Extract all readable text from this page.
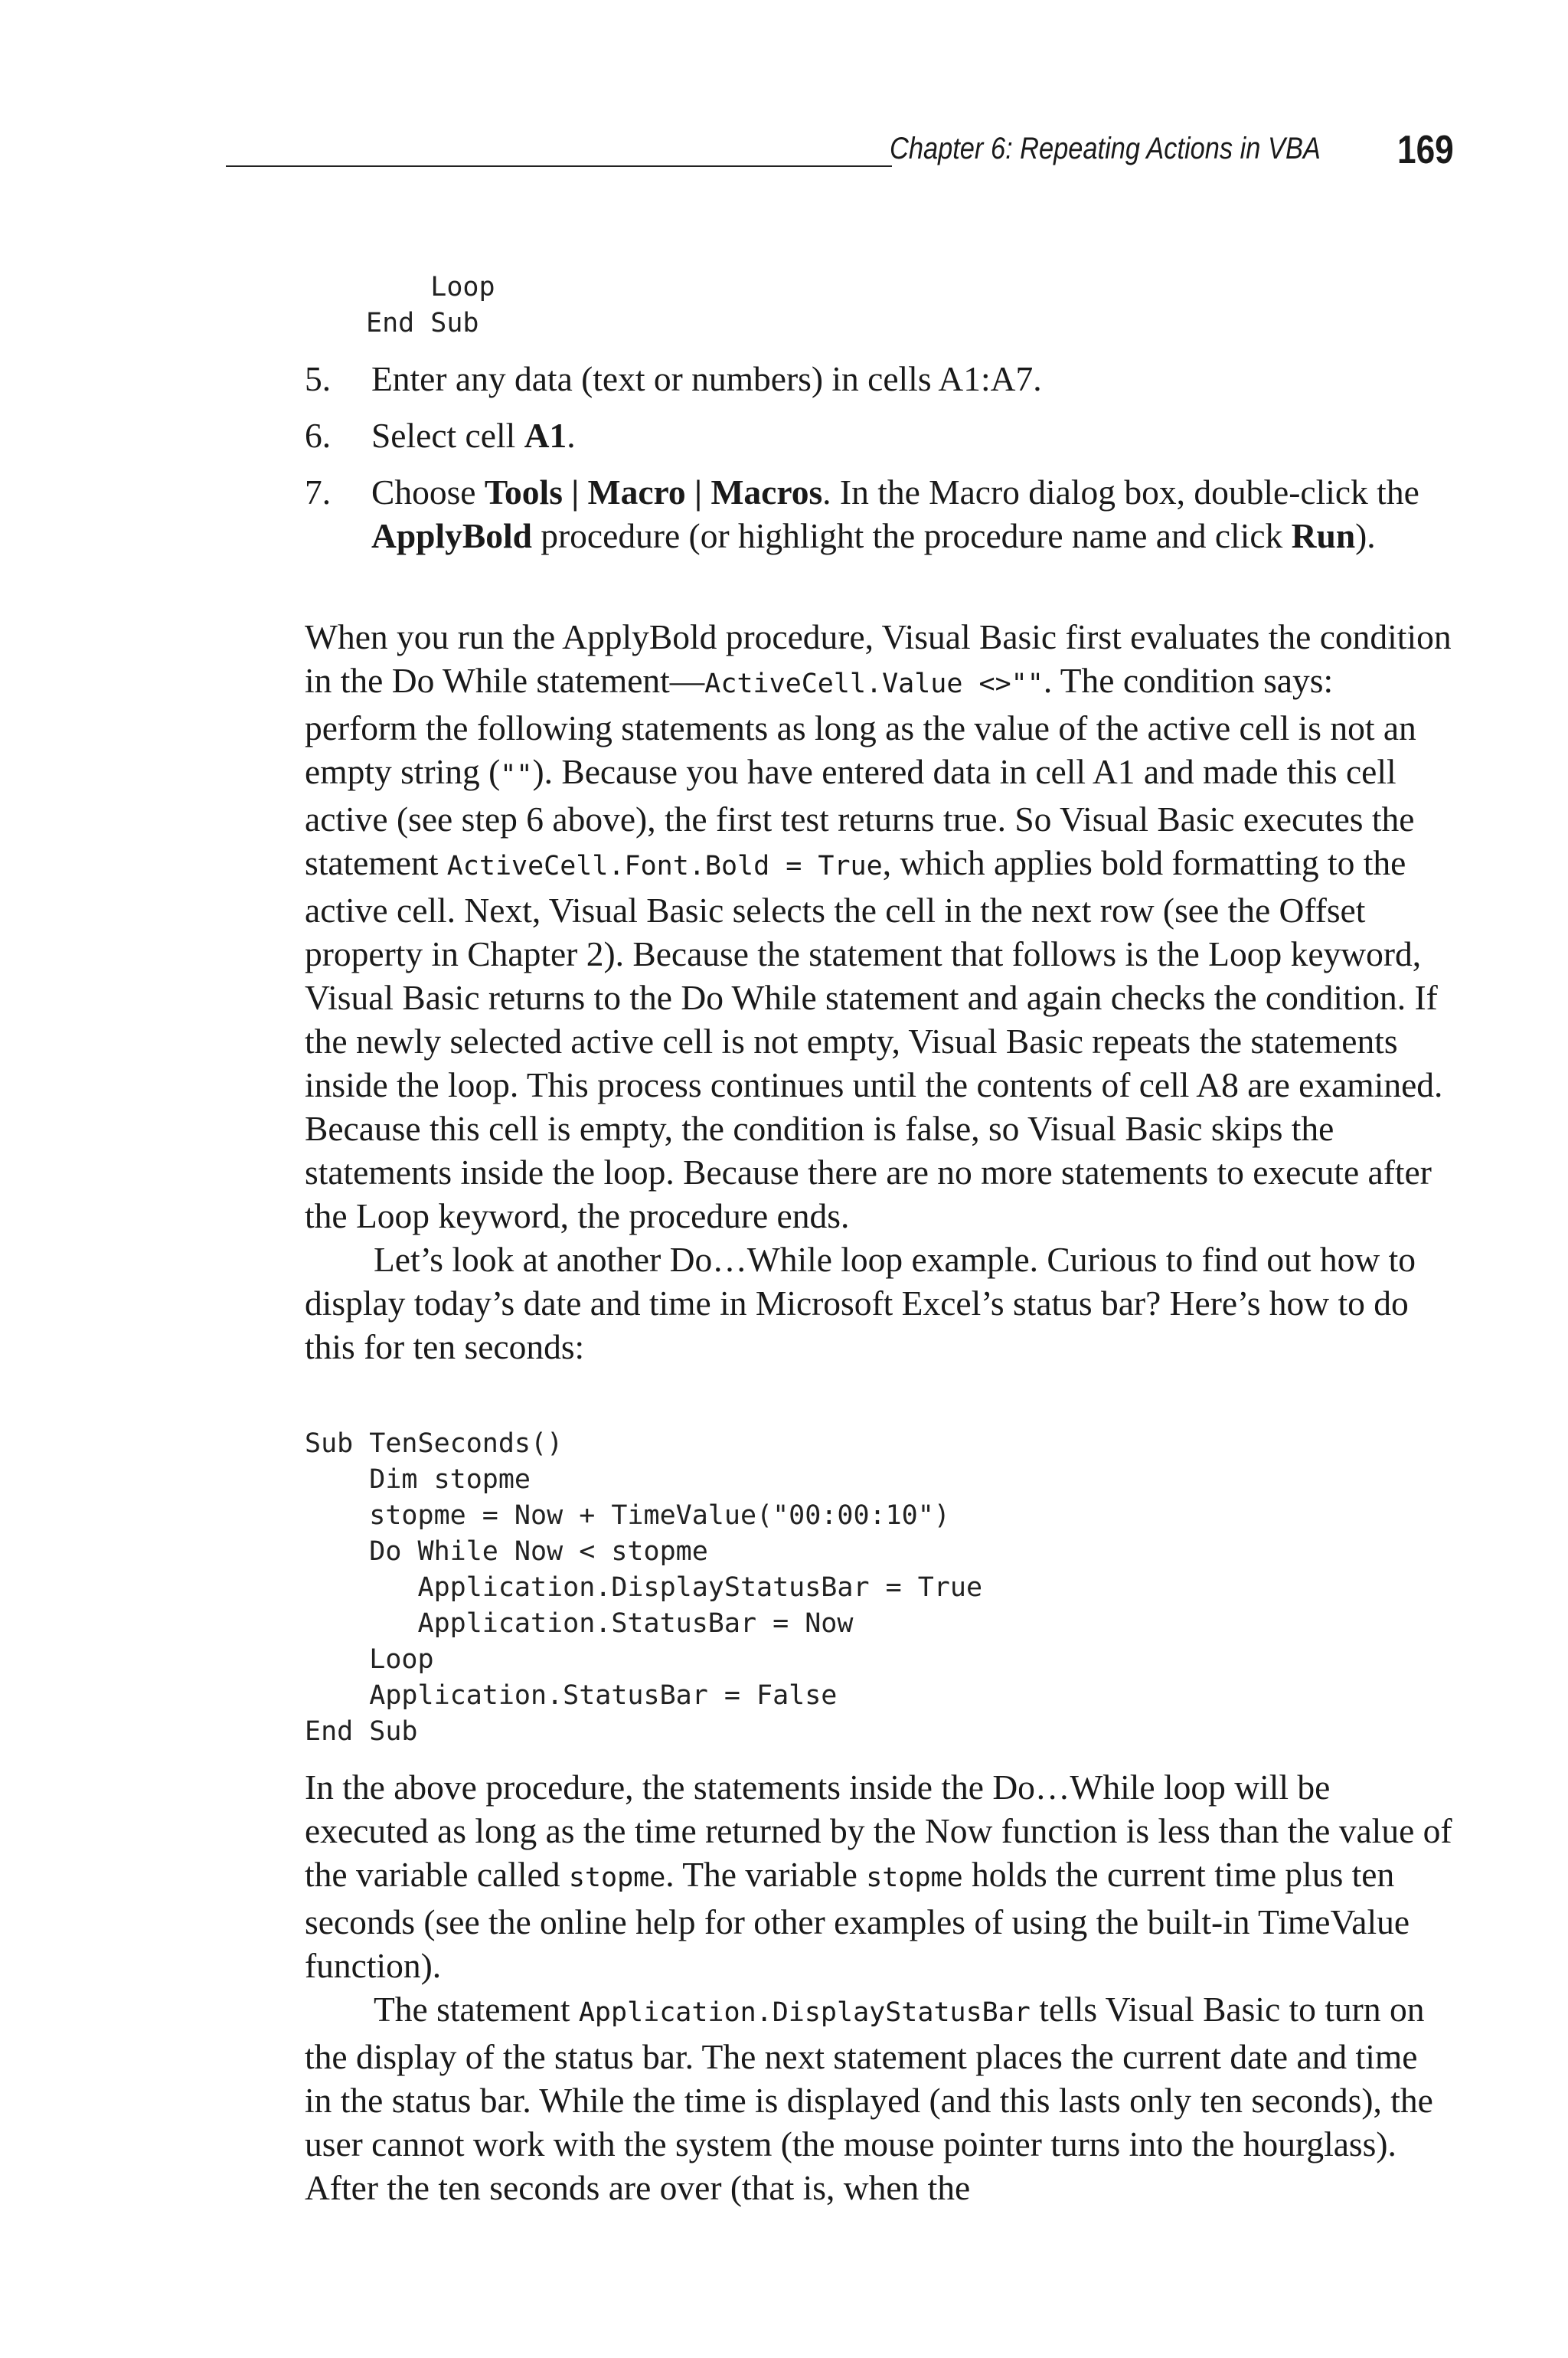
Chapter 6: Repeating Actions in VBA 169
Loop
End Sub
5. Enter any data (text or numbers) in cells A1:A7.
6. Select cell A1.
7. Choose Tools | Macro | Macros. In the Macro dialog box, double-click the ApplyBold procedure (or highlight the procedure name and click Run).

When you run the ApplyBold procedure, Visual Basic first evaluates the condition in the Do While statement—ActiveCell.Value <>"". The condition says: perform the following statements as long as the value of the active cell is not an empty string (""). Because you have entered data in cell A1 and made this cell active (see step 6 above), the first test returns true. So Visual Basic executes the statement ActiveCell.Font.Bold = True, which applies bold formatting to the active cell. Next, Visual Basic selects the cell in the next row (see the Offset property in Chapter 2). Because the statement that follows is the Loop keyword, Visual Basic returns to the Do While statement and again checks the condition. If the newly selected active cell is not empty, Visual Basic repeats the statements inside the loop. This process continues until the contents of cell A8 are examined. Because this cell is empty, the condition is false, so Visual Basic skips the statements inside the loop. Because there are no more statements to execute after the Loop keyword, the procedure ends.

Let’s look at another Do…While loop example. Curious to find out how to display today’s date and time in Microsoft Excel’s status bar? Here’s how to do this for ten seconds:

Sub TenSeconds()
Dim stopme
stopme = Now + TimeValue("00:00:10")
Do While Now < stopme
Application.DisplayStatusBar = True
Application.StatusBar = Now
Loop
Application.StatusBar = False
End Sub

In the above procedure, the statements inside the Do…While loop will be executed as long as the time returned by the Now function is less than the value of the variable called stopme. The variable stopme holds the current time plus ten seconds (see the online help for other examples of using the built-in TimeValue function).

The statement Application.DisplayStatusBar tells Visual Basic to turn on the display of the status bar. The next statement places the current date and time in the status bar. While the time is displayed (and this lasts only ten seconds), the user cannot work with the system (the mouse pointer turns into the hourglass). After the ten seconds are over (that is, when the
